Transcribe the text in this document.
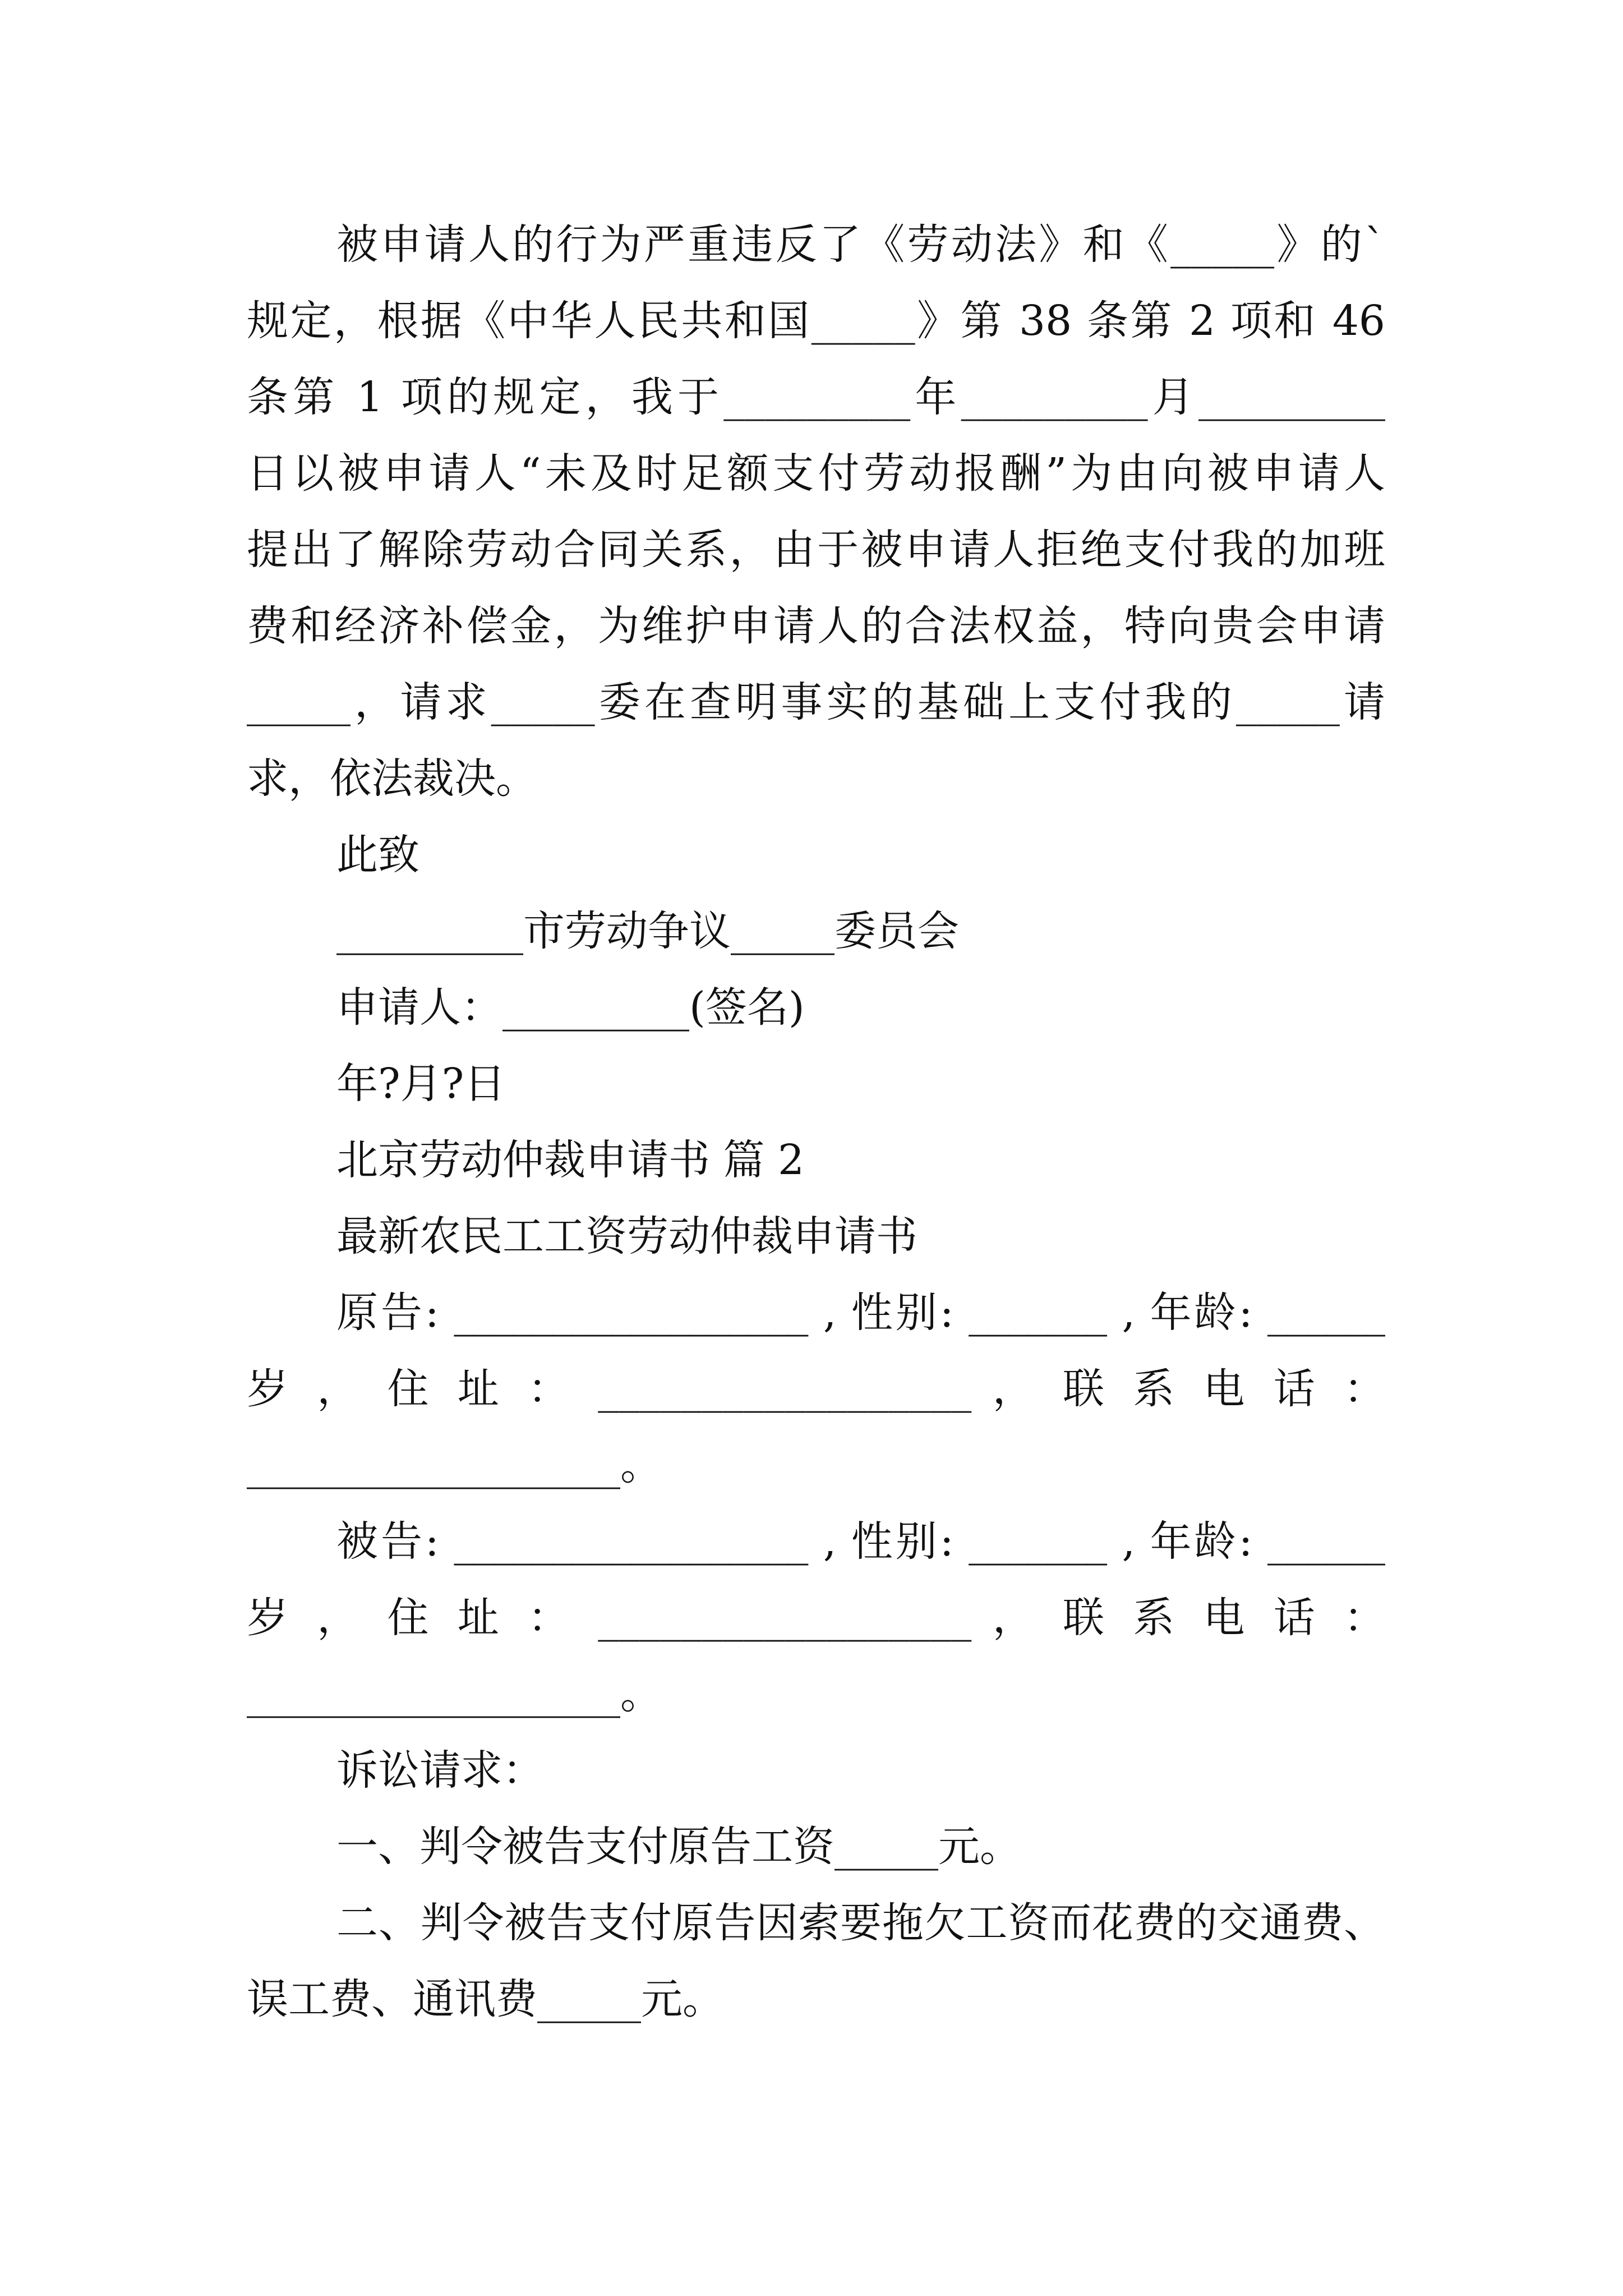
被申请人的行为严重违反了《劳动法》和《_____》的`
规定，根据《中华人民共和国_____》第 38 条第 2 项和 46
条第 1 项的规定，我于_________年_________月_________
日以被申请人“未及时足额支付劳动报酬”为由向被申请人
提出了解除劳动合同关系，由于被申请人拒绝支付我的加班
费和经济补偿金，为维护申请人的合法权益，特向贵会申请
_____，请求_____委在查明事实的基础上支付我的_____请
求，依法裁决。
此致
_________市劳动争议_____委员会
申请人：_________(签名)
年?月?日
北京劳动仲裁申请书 篇 2
最新农民工工资劳动仲裁申请书
原告: __________________ , 性别: _______ , 年龄: ______
岁 ， 住 址 ： __________________ ， 联 系 电 话 ：
__________________。
被告: __________________ , 性别: _______ , 年龄: ______
岁 ， 住 址 ： __________________ ， 联 系 电 话 ：
__________________。
诉讼请求：
一、判令被告支付原告工资_____元。
二、判令被告支付原告因索要拖欠工资而花费的交通费、
误工费、通讯费_____元。
